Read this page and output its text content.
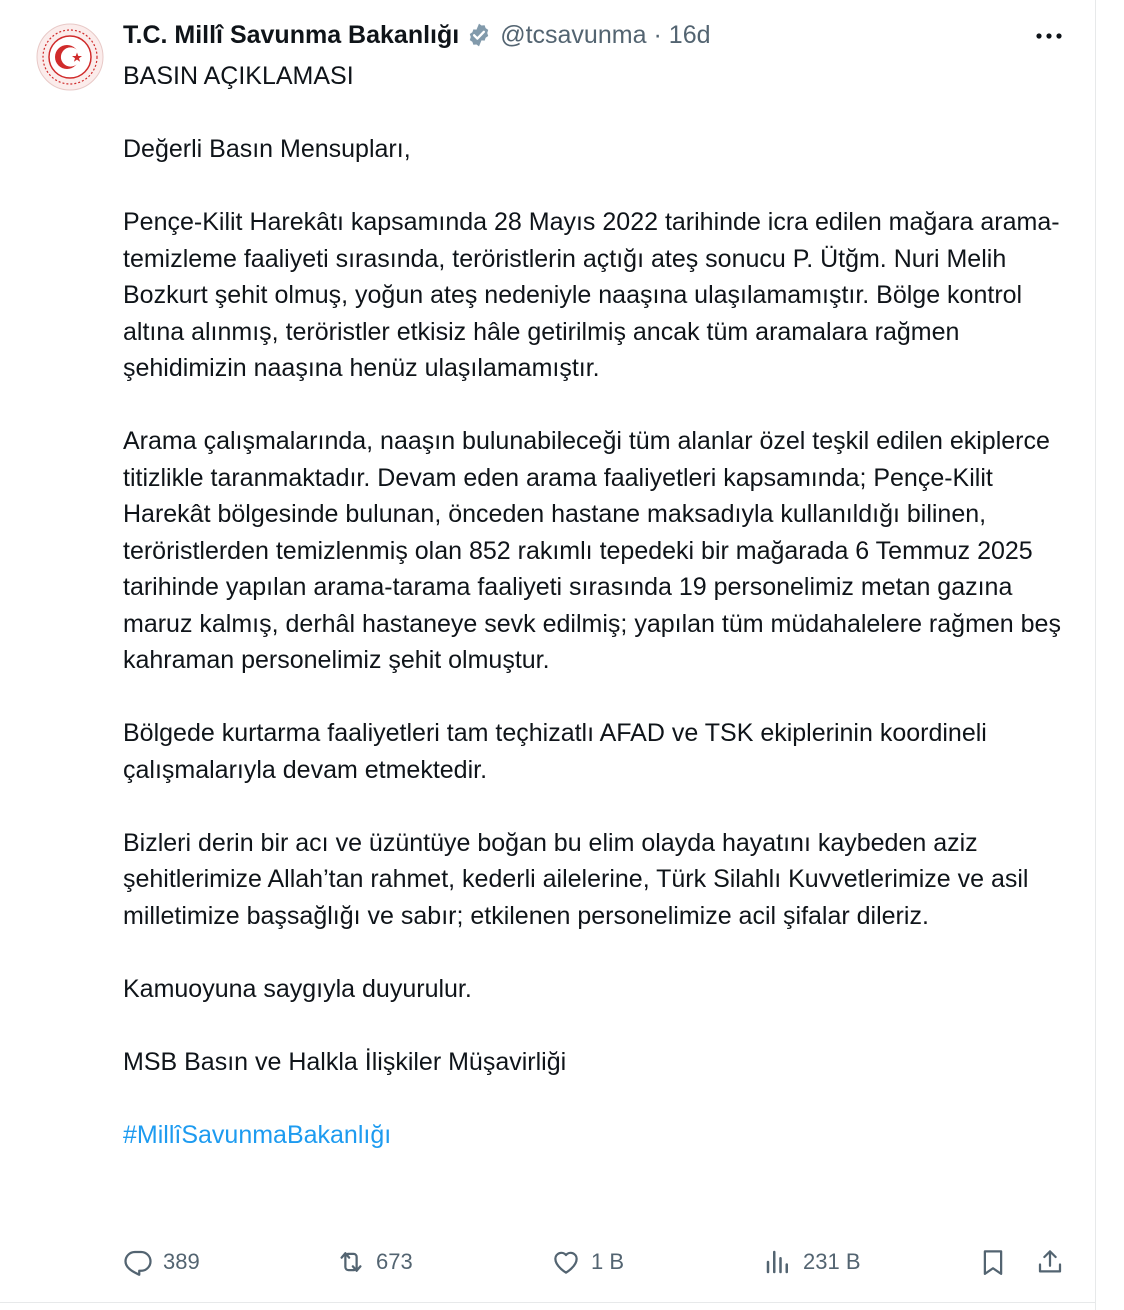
T.C. Millî Savunma Bakanlığı @tcsavunma · 16d

BASIN AÇIKLAMASI

Değerli Basın Mensupları,

Pençe-Kilit Harekâtı kapsamında 28 Mayıs 2022 tarihinde icra edilen mağara arama-temizleme faaliyeti sırasında, teröristlerin açtığı ateş sonucu P. Ütğm. Nuri Melih Bozkurt şehit olmuş, yoğun ateş nedeniyle naaşına ulaşılamamıştır. Bölge kontrol altına alınmış, teröristler etkisiz hâle getirilmiş ancak tüm aramalara rağmen şehidimizin naaşına henüz ulaşılamamıştır.

Arama çalışmalarında, naaşın bulunabileceği tüm alanlar özel teşkil edilen ekiplerce titizlikle taranmaktadır. Devam eden arama faaliyetleri kapsamında; Pençe-Kilit Harekât bölgesinde bulunan, önceden hastane maksadıyla kullanıldığı bilinen, teröristlerden temizlenmiş olan 852 rakımlı tepedeki bir mağarada 6 Temmuz 2025 tarihinde yapılan arama-tarama faaliyeti sırasında 19 personelimiz metan gazına maruz kalmış, derhâl hastaneye sevk edilmiş; yapılan tüm müdahalelere rağmen beş kahraman personelimiz şehit olmuştur.

Bölgede kurtarma faaliyetleri tam teçhizatlı AFAD ve TSK ekiplerinin koordineli çalışmalarıyla devam etmektedir.

Bizleri derin bir acı ve üzüntüye boğan bu elim olayda hayatını kaybeden aziz şehitlerimize Allah’tan rahmet, kederli ailelerine, Türk Silahlı Kuvvetlerimize ve asil milletimize başsağlığı ve sabır; etkilenen personelimize acil şifalar dileriz.

Kamuoyuna saygıyla duyurulur.

MSB Basın ve Halkla İlişkiler Müşavirliği

#MillîSavunmaBakanlığı

389	673	1 B	231 B
